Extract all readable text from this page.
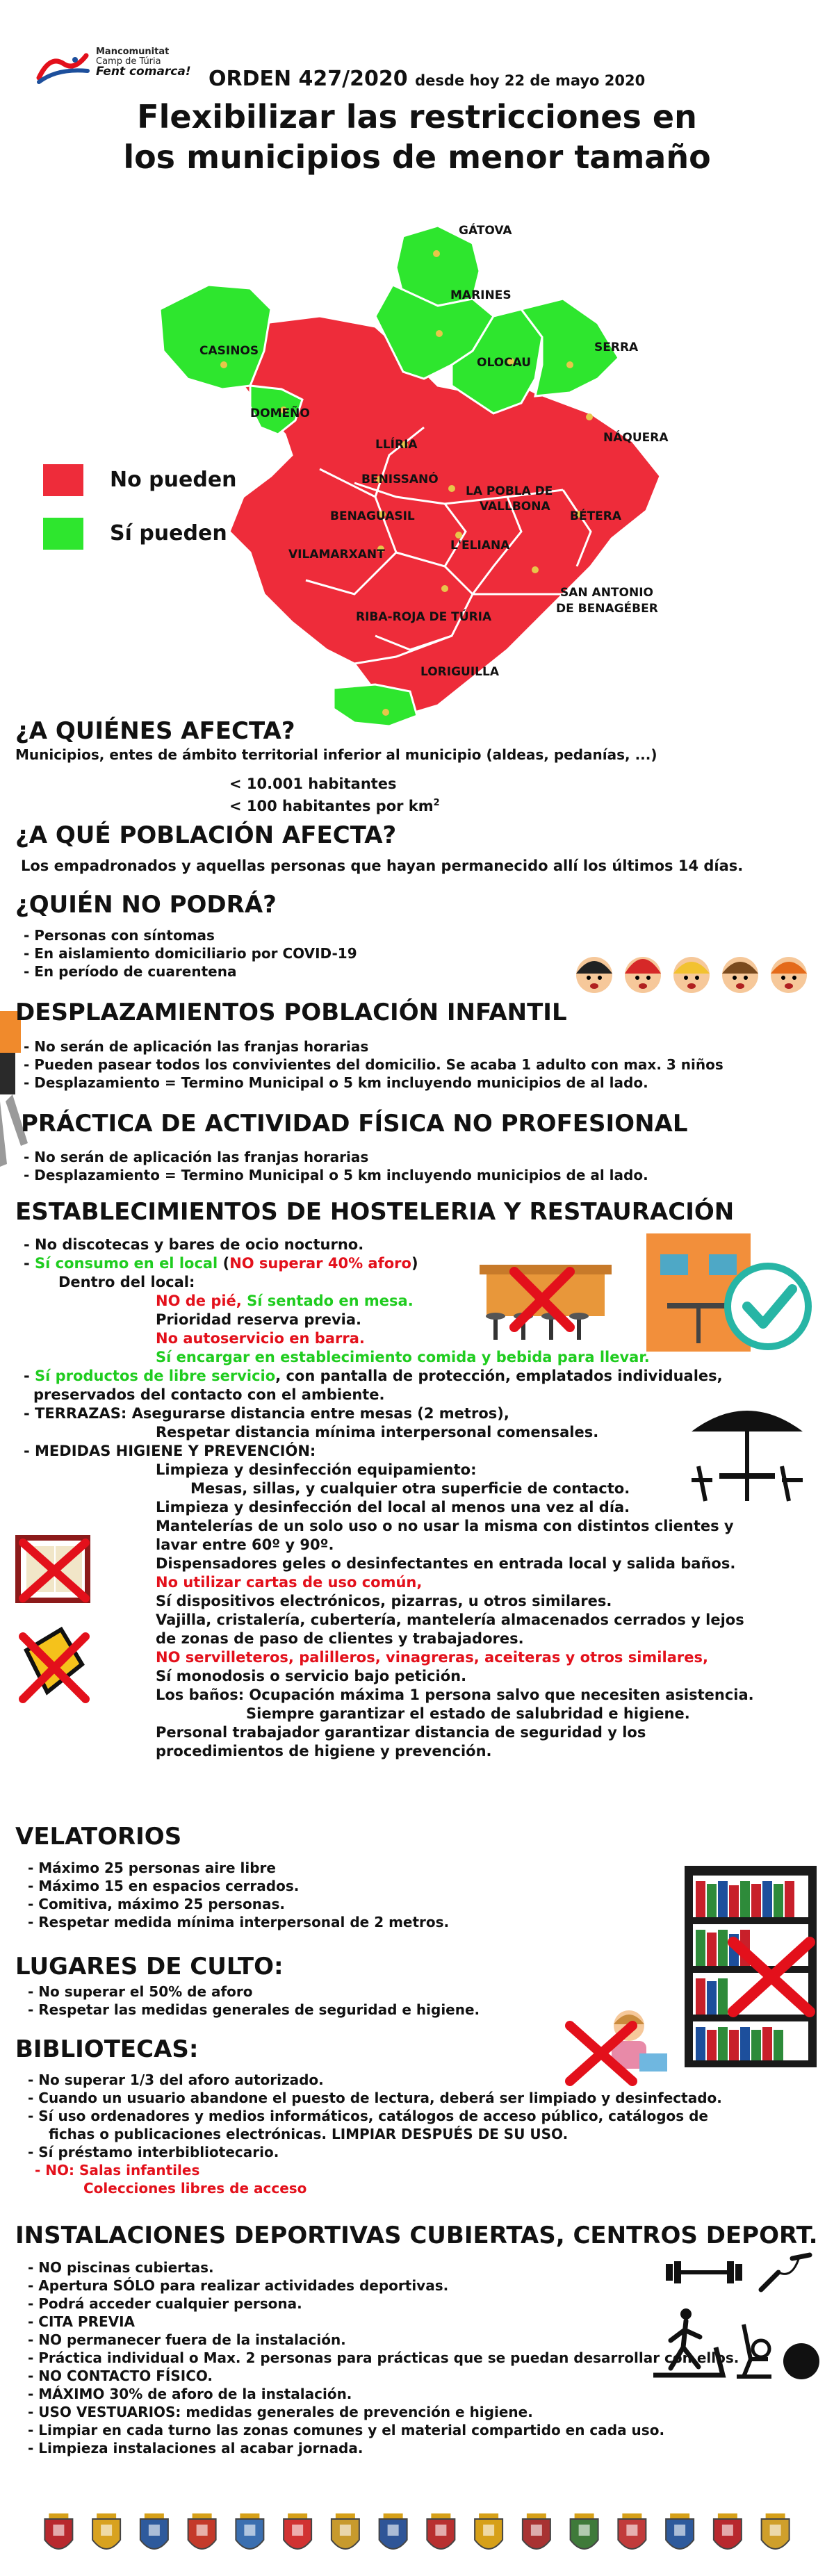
Mancomunitat
Camp de Túria
Fent comarca! ORDEN 427/2020 desde hoy 22 de mayo 2020
Flexibilizar las restricciones en
los municipios de menor tamaño
GÁTOVA
MARINES
CASINOS
OLOCAU
SERRA
DOMEÑO
NÁQUERA
LLÍRIA
BENISSANÓ
LA POBLA DE
VALLBONA
BENAGUASIL	BÉTERA
L'ELIANA
VILAMARXANT
SAN ANTONIO
DE BENAGÉBER
RIBA-ROJA DE TÚRIA
LORIGUILLA
No pueden
Sí pueden
¿A QUIÉNES AFECTA?

Municipios, entes de ámbito territorial inferior al municipio (aldeas, pedanías, ...)

< 10.001 habitantes

< 100 habitantes por $km^2$
¿A QUÉ POBLACIÓN AFECTA?

Los empadronados y aquellas personas que hayan permanecido allí los últimos 14 días.

¿QUIÉN NO PODRÁ?
- Personas con síntomas
- En aislamiento domiciliario por COVID-19
- En período de cuarentena
DESPLAZAMIENTOS POBLACIÓN INFANTIL
- No serán de aplicación las franjas horarias
- Pueden pasear todos los convivientes del domicilio. Se acaba 1 adulto con max. 3 niños
- Desplazamiento = Termino Municipal o 5 km incluyendo municipios de al lado.
PRÁCTICA DE ACTIVIDAD FÍSICA NO PROFESIONAL
- No serán de aplicación las franjas horarias
- Desplazamiento = Termino Municipal o 5 km incluyendo municipios de al lado.
ESTABLECIMIENTOS DE HOSTELERIA Y RESTAURACIÓN
- No discotecas y bares de ocio nocturno.
- Sí consumo en el local (NO superar 40% aforo)
Dentro del local:
NO de pié, Sí sentado en mesa.
Prioridad reserva previa.
No autoservicio en barra.
Sí encargar en establecimiento comida y bebida para llevar.
- Sí productos de libre servicio, con pantalla de protección, emplatados individuales,
preservados del contacto con el ambiente.
- TERRAZAS: Asegurarse distancia entre mesas (2 metros),
Respetar distancia mínima interpersonal comensales.
- MEDIDAS HIGIENE Y PREVENCIÓN:
Limpieza y desinfección equipamiento:
Mesas, sillas, y cualquier otra superficie de contacto.
Limpieza y desinfección del local al menos una vez al día.
Mantelerías de un solo uso o no usar la misma con distintos clientes y
lavar entre 60º y 90º.
Dispensadores geles o desinfectantes en entrada local y salida baños.
No utilizar cartas de uso común,
Sí dispositivos electrónicos, pizarras, u otros similares.
Vajilla, cristalería, cubertería, mantelería almacenados cerrados y lejos
de zonas de paso de clientes y trabajadores.
NO servilleteros, palilleros, vinagreras, aceiteras y otros similares,
Sí monodosis o servicio bajo petición.
Los baños: Ocupación máxima 1 persona salvo que necesiten asistencia.
Siempre garantizar el estado de salubridad e higiene.
Personal trabajador garantizar distancia de seguridad y los
procedimientos de higiene y prevención.
VELATORIOS
- Máximo 25 personas aire libre
- Máximo 15 en espacios cerrados.
- Comitiva, máximo 25 personas.
- Respetar medida mínima interpersonal de 2 metros.
LUGARES DE CULTO:
- No superar el 50% de aforo
- Respetar las medidas generales de seguridad e higiene.
BIBLIOTECAS:
- No superar 1/3 del aforo autorizado.
- Cuando un usuario abandone el puesto de lectura, deberá ser limpiado y desinfectado.
- Sí uso ordenadores y medios informáticos, catálogos de acceso público, catálogos de
fichas o publicaciones electrónicas. LIMPIAR DESPUÉS DE SU USO.
- Sí préstamo interbibliotecario.
- NO: Salas infantiles
Colecciones libres de acceso
INSTALACIONES DEPORTIVAS CUBIERTAS, CENTROS DEPORT.
- NO piscinas cubiertas.
- Apertura SÓLO para realizar actividades deportivas.
- Podrá acceder cualquier persona.
- CITA PREVIA
- NO permanecer fuera de la instalación.
- Práctica individual o Max. 2 personas para prácticas que se puedan desarrollar con ellos.
- NO CONTACTO FÍSICO.
- MÁXIMO 30% de aforo de la instalación.
- USO VESTUARIOS: medidas generales de prevención e higiene.
- Limpiar en cada turno las zonas comunes y el material compartido en cada uso.
- Limpieza instalaciones al acabar jornada.
